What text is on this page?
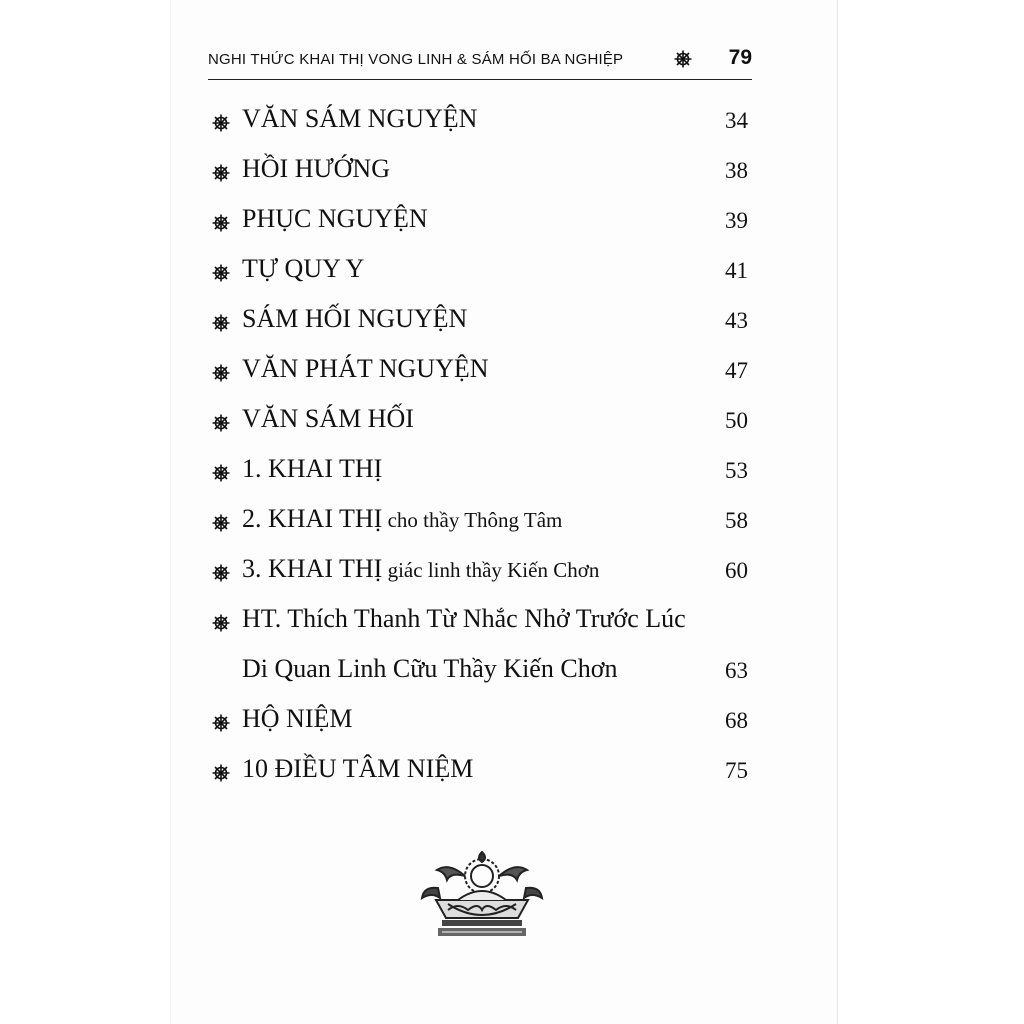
NGHI THỨC KHAI THỊ VONG LINH & SÁM HỐI BA NGHIỆP	79
VĂN SÁM NGUYỆN	34
HỒI HƯỚNG	38
PHỤC NGUYỆN	39
TỰ QUY Y	41
SÁM HỐI NGUYỆN	43
VĂN PHÁT NGUYỆN	47
VĂN SÁM HỐI	50
1. KHAI THỊ	53
2. KHAI THỊ cho thầy Thông Tâm	58
3. KHAI THỊ giác linh thầy Kiến Chơn	60
HT. Thích Thanh Từ Nhắc Nhở Trước Lúc
Di Quan Linh Cữu Thầy Kiến Chơn	63
HỘ NIỆM	68
10 ĐIỀU TÂM NIỆM	75
